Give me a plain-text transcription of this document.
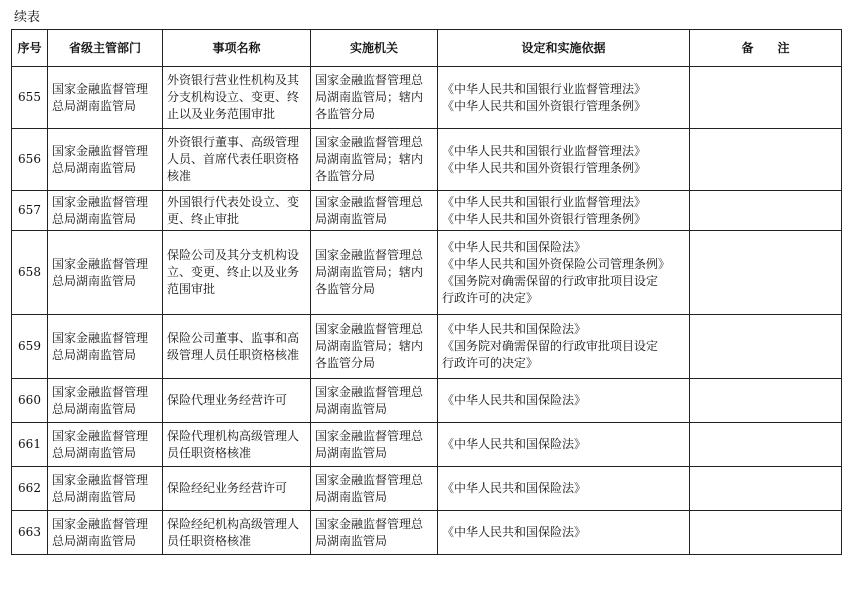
续表
序号	省级主管部门	事项名称	实施机关	设定和实施依据	备　　注
655	国家金融监督管理总局湖南监管局	外资银行营业性机构及其分支机构设立、变更、终止以及业务范围审批	国家金融监督管理总局湖南监管局；辖内各监管分局	《中华人民共和国银行业监督管理法》
《中华人民共和国外资银行管理条例》	

656	国家金融监督管理总局湖南监管局	外资银行董事、高级管理人员、首席代表任职资格核准	国家金融监督管理总局湖南监管局；辖内各监管分局	《中华人民共和国银行业监督管理法》
《中华人民共和国外资银行管理条例》	

657	国家金融监督管理总局湖南监管局	外国银行代表处设立、变更、终止审批	国家金融监督管理总局湖南监管局	《中华人民共和国银行业监督管理法》
《中华人民共和国外资银行管理条例》	

658	国家金融监督管理总局湖南监管局	保险公司及其分支机构设立、变更、终止以及业务范围审批	国家金融监督管理总局湖南监管局；辖内各监管分局	《中华人民共和国保险法》
《中华人民共和国外资保险公司管理条例》
《国务院对确需保留的行政审批项目设定
行政许可的决定》	

659	国家金融监督管理总局湖南监管局	保险公司董事、监事和高级管理人员任职资格核准	国家金融监督管理总局湖南监管局；辖内各监管分局	《中华人民共和国保险法》
《国务院对确需保留的行政审批项目设定
行政许可的决定》	

660	国家金融监督管理总局湖南监管局	保险代理业务经营许可	国家金融监督管理总局湖南监管局	《中华人民共和国保险法》	

661	国家金融监督管理总局湖南监管局	保险代理机构高级管理人员任职资格核准	国家金融监督管理总局湖南监管局	《中华人民共和国保险法》	

662	国家金融监督管理总局湖南监管局	保险经纪业务经营许可	国家金融监督管理总局湖南监管局	《中华人民共和国保险法》	

663	国家金融监督管理总局湖南监管局	保险经纪机构高级管理人员任职资格核准	国家金融监督管理总局湖南监管局	《中华人民共和国保险法》	
